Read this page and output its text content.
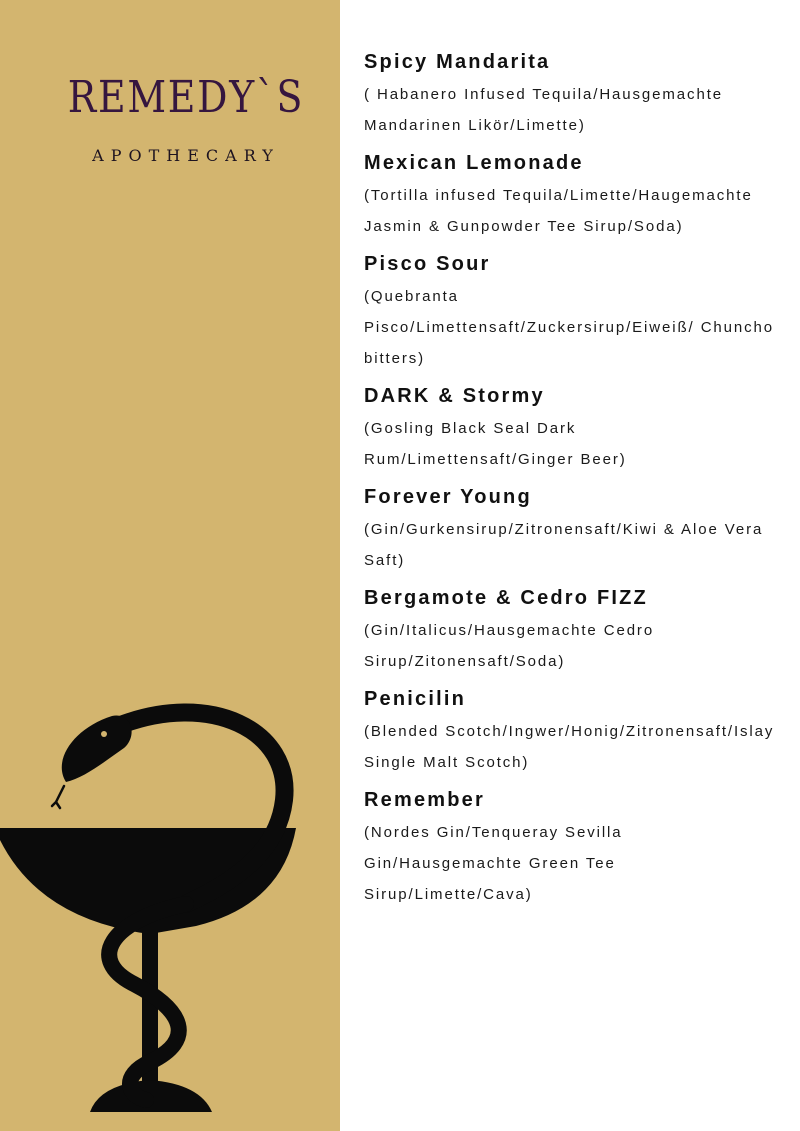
REMEDY`S

APOTHECARY

Spicy Mandarita

( Habanero Infused Tequila/Hausgemachte Mandarinen Likör/Limette)

Mexican Lemonade

(Tortilla infused Tequila/Limette/Haugemachte Jasmin & Gunpowder Tee Sirup/Soda)

Pisco Sour

(Quebranta Pisco/Limettensaft/Zuckersirup/Eiweiß/ Chuncho bitters)

DARK & Stormy

(Gosling Black Seal Dark Rum/Limettensaft/Ginger Beer)

Forever Young

(Gin/Gurkensirup/Zitronensaft/Kiwi & Aloe Vera Saft)

Bergamote & Cedro FIZZ

(Gin/Italicus/Hausgemachte Cedro Sirup/Zitonensaft/Soda)

Penicilin

(Blended Scotch/Ingwer/Honig/Zitronensaft/Islay Single Malt Scotch)

Remember

(Nordes Gin/Tenqueray Sevilla Gin/Hausgemachte Green Tee Sirup/Limette/Cava)
